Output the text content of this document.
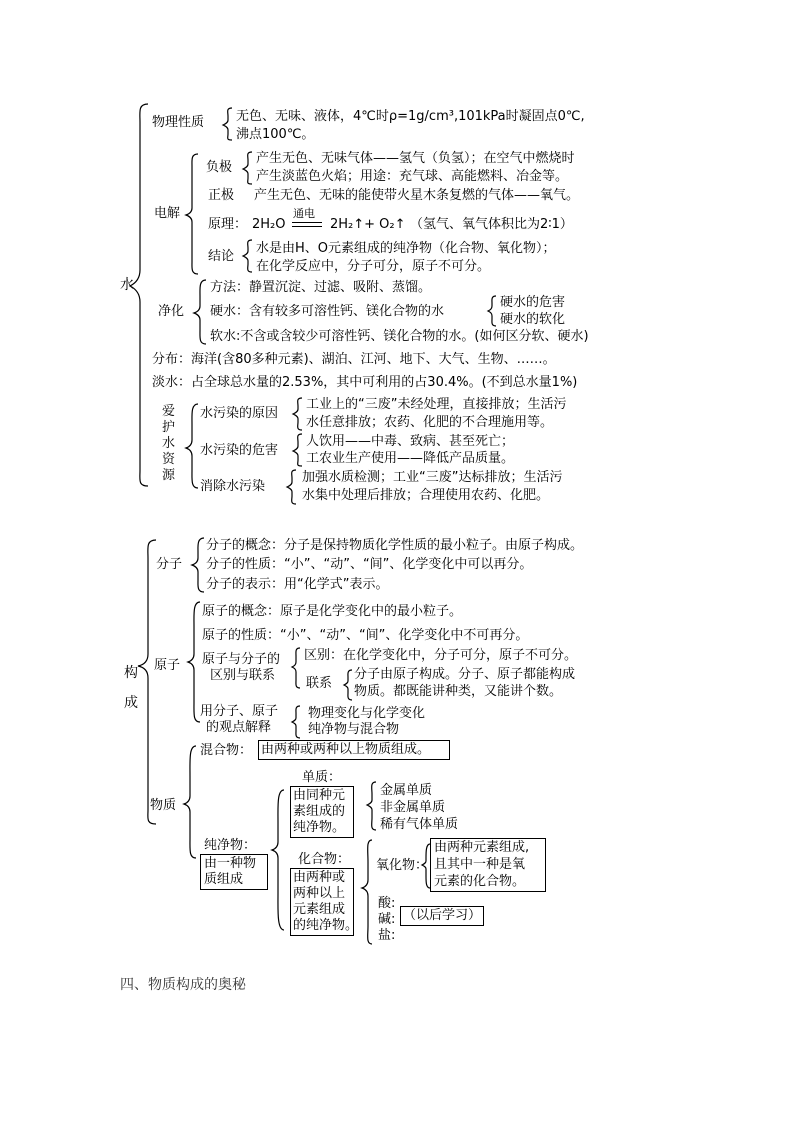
水
物理性质 无色、无味、液体，4℃时ρ=1g/cm³,101kPa时凝固点0℃,
沸点100℃。
电解
负极
产生无色、无味气体——氢气（负氢）；在空气中燃烧时
产生淡蓝色火焰；用途：充气球、高能燃料、冶金等。
正极 产生无色、无味的能使带火星木条复燃的气体——氧气。
原理： 2H₂O
通电
2H₂↑+ O₂↑ （氢气、氧气体积比为2∶1）
结论
水是由H、O元素组成的纯净物（化合物、氧化物）；
在化学反应中，分子可分，原子不可分。
净化
方法：静置沉淀、过滤、吸附、蒸馏。
硬水：含有较多可溶性钙、镁化合物的水
硬水的危害
硬水的软化
软水:不含或含较少可溶性钙、镁化合物的水。(如何区分软、硬水)
分布：海洋(含80多种元素)、湖泊、江河、地下、大气、生物、……。
淡水：占全球总水量的2.53%，其中可利用的占30.4%。(不到总水量1%)
爱
护
水
资
源
水污染的原因
工业上的“三废”未经处理，直接排放；生活污
水任意排放；农药、化肥的不合理施用等。
水污染的危害
人饮用——中毒、致病、甚至死亡；
工农业生产使用——降低产品质量。
消除水污染
加强水质检测；工业“三废”达标排放；生活污
水集中处理后排放；合理使用农药、化肥。
构
成
分子
分子的概念：分子是保持物质化学性质的最小粒子。由原子构成。
分子的性质：“小”、“动”、“间”、化学变化中可以再分。
分子的表示：用“化学式”表示。
原子
原子的概念：原子是化学变化中的最小粒子。
原子的性质：“小”、“动”、“间”、化学变化中不可再分。
原子与分子的
区别与联系
区别：在化学变化中，分子可分，原子不可分。
联系
分子由原子构成。分子、原子都能构成
物质。都既能讲种类，又能讲个数。
用分子、原子
的观点解释
物理变化与化学变化
纯净物与混合物
物质
混合物： 由两种或两种以上物质组成。
纯净物：
由一种物
质组成
单质：
由同种元
素组成的
纯净物。
金属单质
非金属单质
稀有气体单质
化合物：
由两种或
两种以上
元素组成
的纯净物。
氧化物：
由两种元素组成,
且其中一种是氧
元素的化合物。
酸:
碱:
盐:
（以后学习）
四、物质构成的奥秘
